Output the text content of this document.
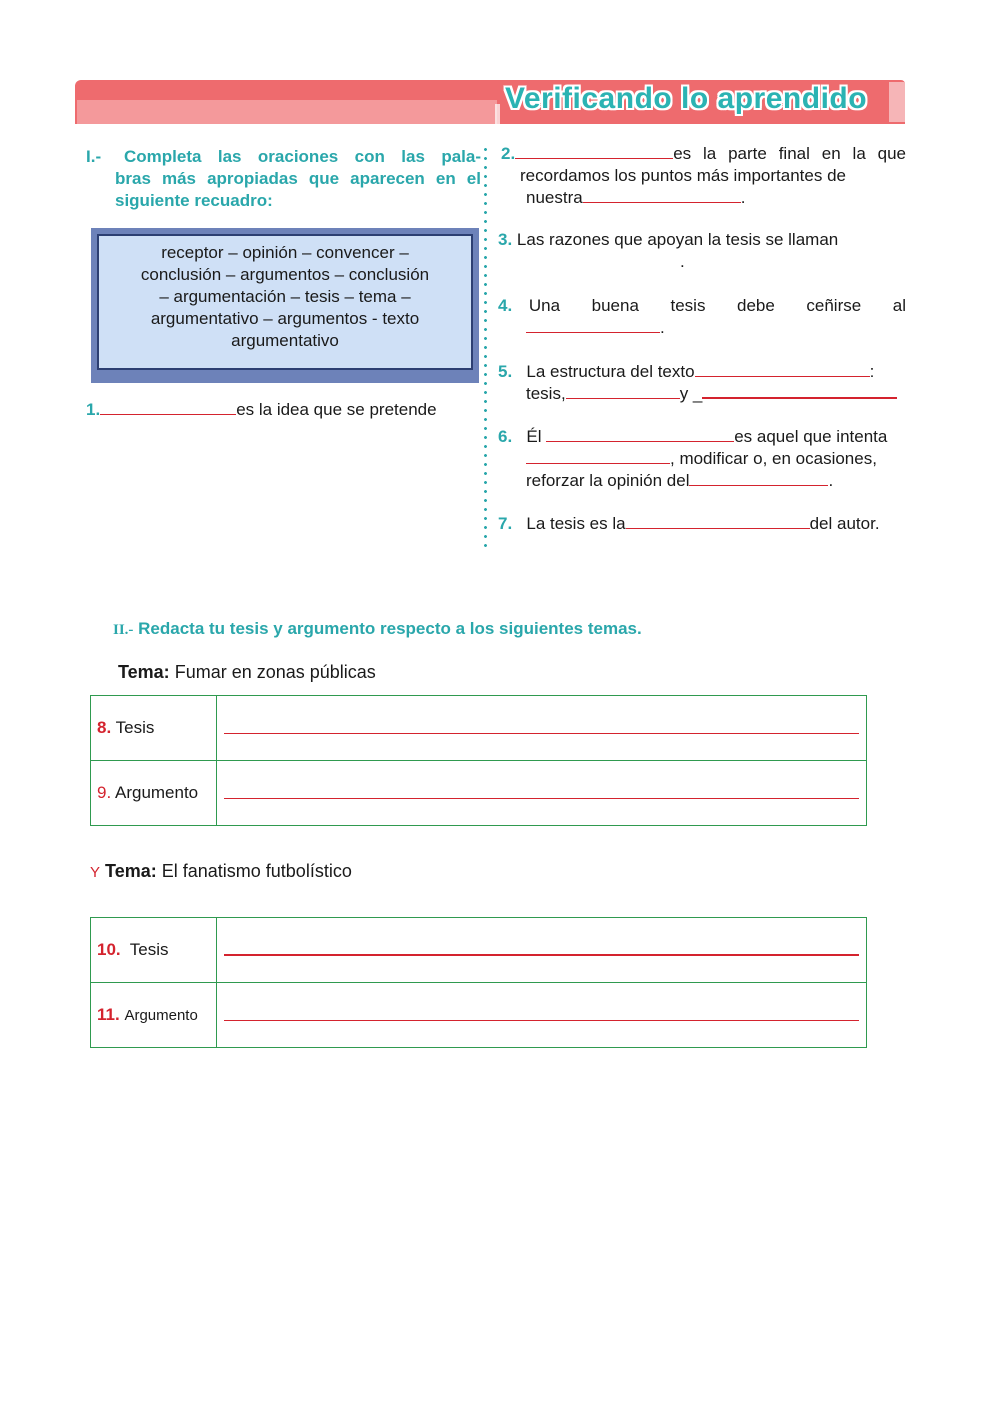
Verificando lo aprendido
I.- Completa las oraciones con las pala-
bras más apropiadas que aparecen en el
siguiente recuadro:
receptor – opinión – convencer –
conclusión – argumentos – conclusión
– argumentación – tesis – tema –
argumentativo – argumentos - texto
argumentativo
1.	es la idea que se pretende
2.	es la parte final en la que
recordamos los puntos más importantes de
nuestra	.
3. Las razones que apoyan la tesis se llaman
.
4. Una buena tesis debe ceñirse al
.
5. La estructura del texto	:
tesis,	y _
6. Él	es aquel que intenta
, modificar o, en ocasiones,
reforzar la opinión del	.
7. La tesis es la	del autor.
II.- Redacta tu tesis y argumento respecto a los siguientes temas.
Tema: Fumar en zonas públicas
8. Tesis	

9. Argumento	
Y Tema: El fanatismo futbolístico
10. Tesis	

11. Argumento	
